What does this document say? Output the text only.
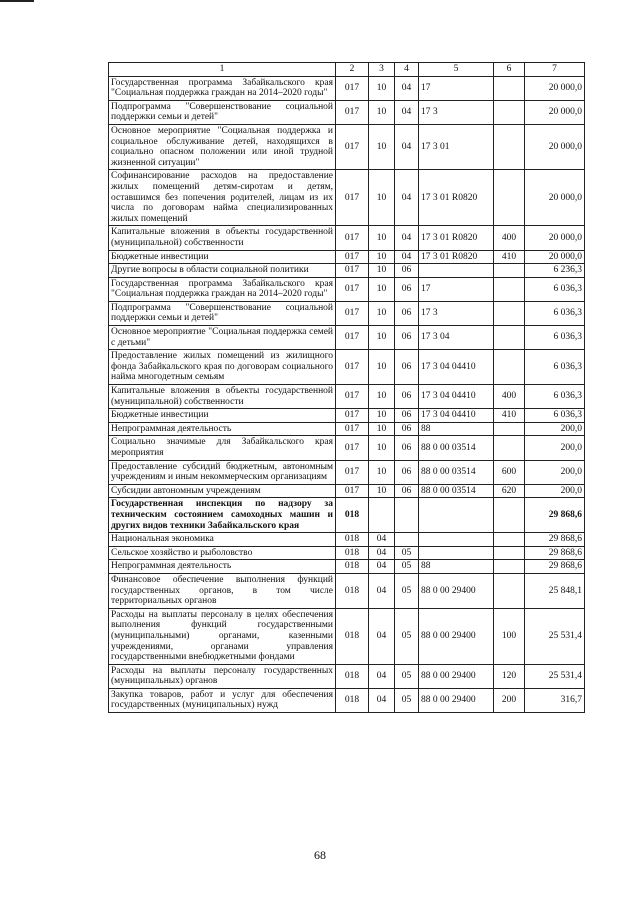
1	2	3	4	5	6	7
Государственная программа Забайкальского края "Социальная поддержка граждан на 2014–2020 годы"	017	10	04	17		20 000,0
Подпрограмма "Совершенствование социальной поддержки семьи и детей"	017	10	04	17 3		20 000,0
Основное мероприятие "Социальная поддержка и социальное обслуживание детей, находящихся в социально опасном положении или иной трудной жизненной ситуации"	017	10	04	17 3 01		20 000,0
Софинансирование расходов на предоставление жилых помещений детям-сиротам и детям, оставшимся без попечения родителей, лицам из их числа по договорам найма специализированных жилых помещений	017	10	04	17 3 01 R0820		20 000,0
Капитальные вложения в объекты государственной (муниципальной) собственности	017	10	04	17 3 01 R0820	400	20 000,0
Бюджетные инвестиции	017	10	04	17 3 01 R0820	410	20 000,0
Другие вопросы в области социальной политики	017	10	06			6 236,3
Государственная программа Забайкальского края "Социальная поддержка граждан на 2014–2020 годы"	017	10	06	17		6 036,3
Подпрограмма "Совершенствование социальной поддержки семьи и детей"	017	10	06	17 3		6 036,3
Основное мероприятие "Социальная поддержка семей с детьми"	017	10	06	17 3 04		6 036,3
Предоставление жилых помещений из жилищного фонда Забайкальского края по договорам социального найма многодетным семьям	017	10	06	17 3 04 04410		6 036,3
Капитальные вложения в объекты государственной (муниципальной) собственности	017	10	06	17 3 04 04410	400	6 036,3
Бюджетные инвестиции	017	10	06	17 3 04 04410	410	6 036,3
Непрограммная деятельность	017	10	06	88		200,0
Социально значимые для Забайкальского края мероприятия	017	10	06	88 0 00 03514		200,0
Предоставление субсидий бюджетным, автономным учреждениям и иным некоммерческим организациям	017	10	06	88 0 00 03514	600	200,0
Субсидии автономным учреждениям	017	10	06	88 0 00 03514	620	200,0
Государственная инспекция по надзору за техническим состоянием самоходных машин и других видов техники Забайкальского края	018					29 868,6
Национальная экономика	018	04				29 868,6
Сельское хозяйство и рыболовство	018	04	05			29 868,6
Непрограммная деятельность	018	04	05	88		29 868,6
Финансовое обеспечение выполнения функций государственных органов, в том числе территориальных органов	018	04	05	88 0 00 29400		25 848,1
Расходы на выплаты персоналу в целях обеспечения выполнения функций государственными (муниципальными) органами, казенными учреждениями, органами управления государственными внебюджетными фондами	018	04	05	88 0 00 29400	100	25 531,4
Расходы на выплаты персоналу государственных (муниципальных) органов	018	04	05	88 0 00 29400	120	25 531,4
Закупка товаров, работ и услуг для обеспечения государственных (муниципальных) нужд	018	04	05	88 0 00 29400	200	316,7
68
